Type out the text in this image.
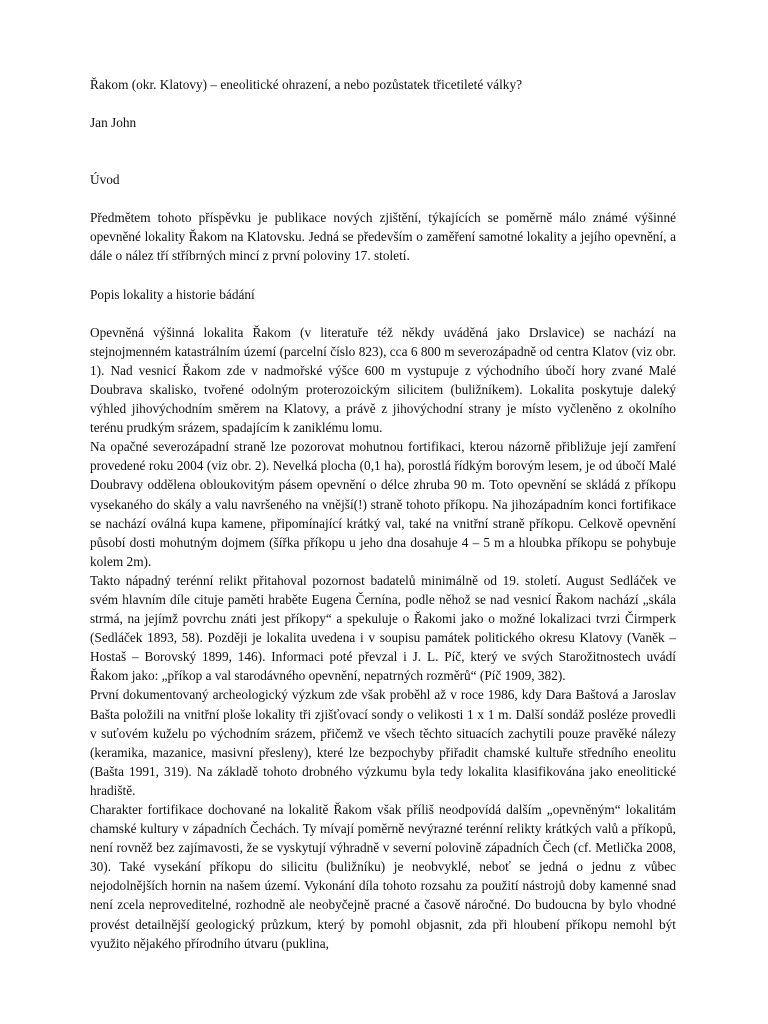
Řakom (okr. Klatovy) – eneolitické ohrazení, a nebo pozůstatek třicetileté války?
Jan John
Úvod

Předmětem tohoto příspěvku je publikace nových zjištění, týkajících se poměrně málo známé výšinné opevněné lokality Řakom na Klatovsku. Jedná se především o zaměření samotné lokality a jejího opevnění, a dále o nález tří stříbrných mincí z první poloviny 17. století.

Popis lokality a historie bádání

Opevněná výšinná lokalita Řakom (v literatuře též někdy uváděná jako Drslavice) se nachází na stejnojmenném katastrálním území (parcelní číslo 823), cca 6 800 m severozápadně od centra Klatov (viz obr. 1). Nad vesnicí Řakom zde v nadmořské výšce 600 m vystupuje z východního úbočí hory zvané Malé Doubrava skalisko, tvořené odolným proterozoickým silicitem (buližníkem). Lokalita poskytuje daleký výhled jihovýchodním směrem na Klatovy, a právě z jihovýchodní strany je místo vyčleněno z okolního terénu prudkým srázem, spadajícím k zaniklému lomu.

Na opačné severozápadní straně lze pozorovat mohutnou fortifikaci, kterou názorně přibližuje její zamření provedené roku 2004 (viz obr. 2). Nevelká plocha (0,1 ha), porostlá řídkým borovým lesem, je od úbočí Malé Doubravy oddělena obloukovitým pásem opevnění o délce zhruba 90 m. Toto opevnění se skládá z příkopu vysekaného do skály a valu navršeného na vnější(!) straně tohoto příkopu. Na jihozápadním konci fortifikace se nachází oválná kupa kamene, připomínající krátký val, také na vnitřní straně příkopu. Celkově opevnění působí dosti mohutným dojmem (šířka příkopu u jeho dna dosahuje 4 – 5 m a hloubka příkopu se pohybuje kolem 2m).

Takto nápadný terénní relikt přitahoval pozornost badatelů minimálně od 19. století. August Sedláček ve svém hlavním díle cituje paměti hraběte Eugena Černína, podle něhož se nad vesnicí Řakom nachází „skála strmá, na jejímž povrchu znáti jest příkopy“ a spekuluje o Řakomi jako o možné lokalizaci tvrzi Čirmperk (Sedláček 1893, 58). Později je lokalita uvedena i v soupisu památek politického okresu Klatovy (Vaněk – Hostaš – Borovský 1899, 146). Informaci poté převzal i J. L. Píč, který ve svých Starožitnostech uvádí Řakom jako: „příkop a val starodávného opevnění, nepatrných rozměrů“ (Píč 1909, 382).

První dokumentovaný archeologický výzkum zde však proběhl až v roce 1986, kdy Dara Baštová a Jaroslav Bašta položili na vnitřní ploše lokality tři zjišťovací sondy o velikosti 1 x 1 m. Další sondáž posléze provedli v suťovém kuželu po východním srázem, přičemž ve všech těchto situacích zachytili pouze pravěké nálezy (keramika, mazanice, masivní přesleny), které lze bezpochyby přiřadit chamské kultuře středního eneolitu (Bašta 1991, 319). Na základě tohoto drobného výzkumu byla tedy lokalita klasifikována jako eneolitické hradiště.

Charakter fortifikace dochované na lokalitě Řakom však příliš neodpovídá dalším „opevněným“ lokalitám chamské kultury v západních Čechách. Ty mívají poměrně nevýrazné terénní relikty krátkých valů a příkopů, není rovněž bez zajímavosti, že se vyskytují výhradně v severní polovině západních Čech (cf. Metlička 2008, 30). Také vysekání příkopu do silicitu (buližníku) je neobvyklé, neboť se jedná o jednu z vůbec nejodolnějších hornin na našem území. Vykonání díla tohoto rozsahu za použití nástrojů doby kamenné snad není zcela neproveditelné, rozhodně ale neobyčejně pracné a časově náročné. Do budoucna by bylo vhodné provést detailnější geologický průzkum, který by pomohl objasnit, zda při hloubení příkopu nemohl být využito nějakého přírodního útvaru (puklina,
